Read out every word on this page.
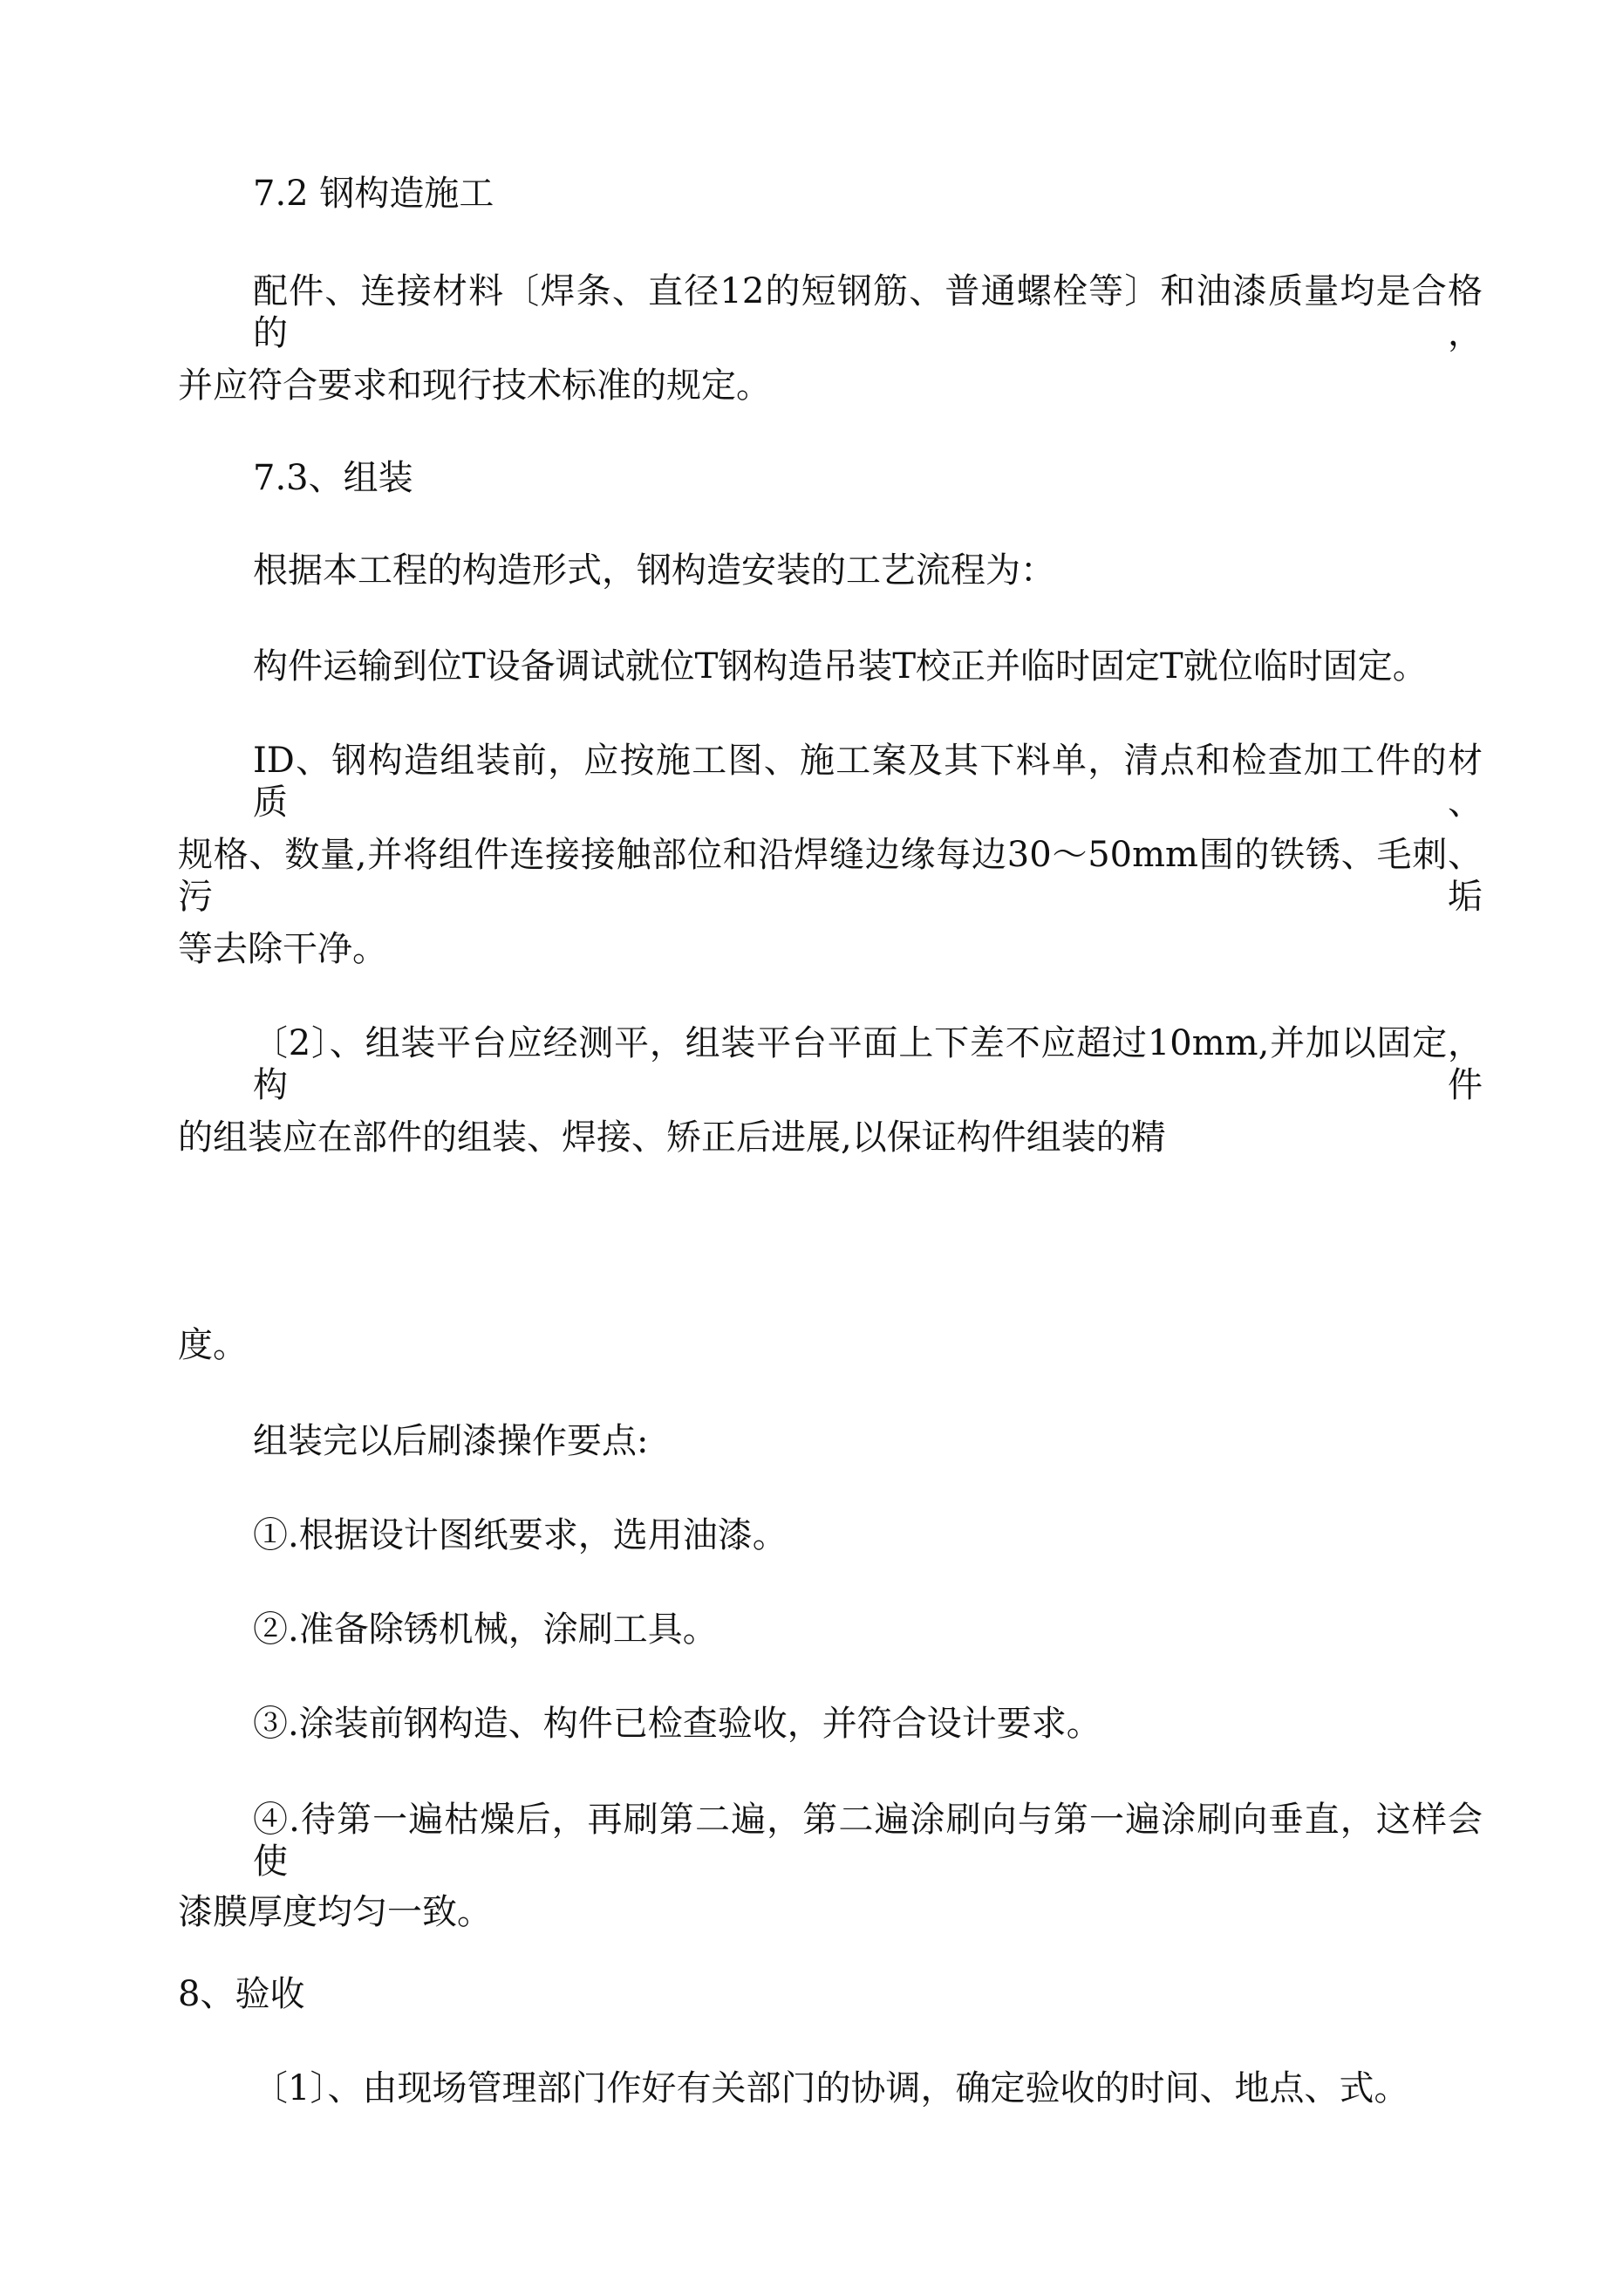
7.2 钢构造施工

配件、连接材料〔焊条、直径12的短钢筋、普通螺栓等〕和油漆质量均是合格的，

并应符合要求和现行技术标准的规定。

7.3、组装

根据本工程的构造形式，钢构造安装的工艺流程为：

构件运输到位T设备调试就位T钢构造吊装T校正并临时固定T就位临时固定。

ID、钢构造组装前，应按施工图、施工案及其下料单，清点和检查加工件的材质、

规格、数量,并将组件连接接触部位和沿焊缝边缘每边30〜50mm围的铁锈、毛刺、污垢

等去除干净。

〔2〕、组装平台应经测平，组装平台平面上下差不应超过10mm,并加以固定，构件

的组装应在部件的组装、焊接、矫正后进展,以保证构件组装的精

度。

组装完以后刷漆操作要点:

①.根据设计图纸要求，选用油漆。

②.准备除锈机械，涂刷工具。

③.涂装前钢构造、构件已检查验收，并符合设计要求。

④.待第一遍枯燥后，再刷第二遍，第二遍涂刷向与第一遍涂刷向垂直，这样会使

漆膜厚度均匀一致。

8、验收

〔1〕、由现场管理部门作好有关部门的协调，确定验收的时间、地点、式。
